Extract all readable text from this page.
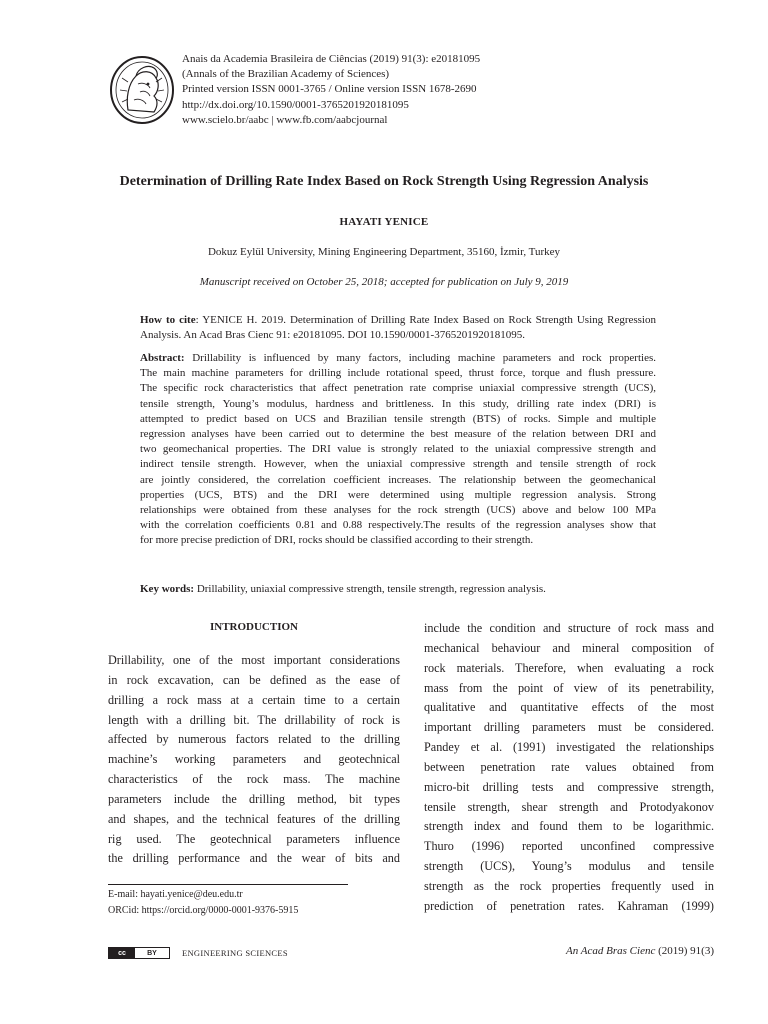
Anais da Academia Brasileira de Ciências (2019) 91(3): e20181095
(Annals of the Brazilian Academy of Sciences)
Printed version ISSN 0001-3765 / Online version ISSN 1678-2690
http://dx.doi.org/10.1590/0001-3765201920181095
www.scielo.br/aabc | www.fb.com/aabcjournal
Determination of Drilling Rate Index Based on Rock Strength Using Regression Analysis
HAYATI YENICE
Dokuz Eylül University, Mining Engineering Department, 35160, İzmir, Turkey
Manuscript received on October 25, 2018; accepted for publication on July 9, 2019
How to cite: YENICE H. 2019. Determination of Drilling Rate Index Based on Rock Strength Using Regression Analysis. An Acad Bras Cienc 91: e20181095. DOI 10.1590/0001-3765201920181095.
Abstract: Drillability is influenced by many factors, including machine parameters and rock properties.
The main machine parameters for drilling include rotational speed, thrust force, torque and flush pressure.
The specific rock characteristics that affect penetration rate comprise uniaxial compressive strength (UCS),
tensile strength, Young’s modulus, hardness and brittleness. In this study, drilling rate index (DRI) is
attempted to predict based on UCS and Brazilian tensile strength (BTS) of rocks. Simple and multiple
regression analyses have been carried out to determine the best measure of the relation between DRI and
two geomechanical properties. The DRI value is strongly related to the uniaxial compressive strength and
indirect tensile strength. However, when the uniaxial compressive strength and tensile strength of rock
are jointly considered, the correlation coefficient increases. The relationship between the geomechanical
properties (UCS, BTS) and the DRI were determined using multiple regression analysis. Strong
relationships were obtained from these analyses for the rock strength (UCS) above and below 100 MPa
with the correlation coefficients 0.81 and 0.88 respectively.The results of the regression analyses show that
for more precise prediction of DRI, rocks should be classified according to their strength.
Key words: Drillability, uniaxial compressive strength, tensile strength, regression analysis.
INTRODUCTION
Drillability, one of the most important considerations
in rock excavation, can be defined as the ease of
drilling a rock mass at a certain time to a certain
length with a drilling bit. The drillability of rock is
affected by numerous factors related to the drilling
machine’s working parameters and geotechnical
characteristics of the rock mass. The machine
parameters include the drilling method, bit types
and shapes, and the technical features of the drilling
rig used. The geotechnical parameters influence
the drilling performance and the wear of bits and
include the condition and structure of rock mass and
mechanical behaviour and mineral composition of
rock materials. Therefore, when evaluating a rock
mass from the point of view of its penetrability,
qualitative and quantitative effects of the most
important drilling parameters must be considered.
Pandey et al. (1991) investigated the relationships
between penetration rate values obtained from
micro-bit drilling tests and compressive strength,
tensile strength, shear strength and Protodyakonov
strength index and found them to be logarithmic.
Thuro (1996) reported unconfined compressive
strength (UCS), Young’s modulus and tensile
strength as the rock properties frequently used in
prediction of penetration rates. Kahraman (1999)
E-mail: hayati.yenice@deu.edu.tr
ORCid: https://orcid.org/0000-0001-9376-5915
cc	BY	ENGINEERING SCIENCES	An Acad Bras Cienc (2019) 91(3)
